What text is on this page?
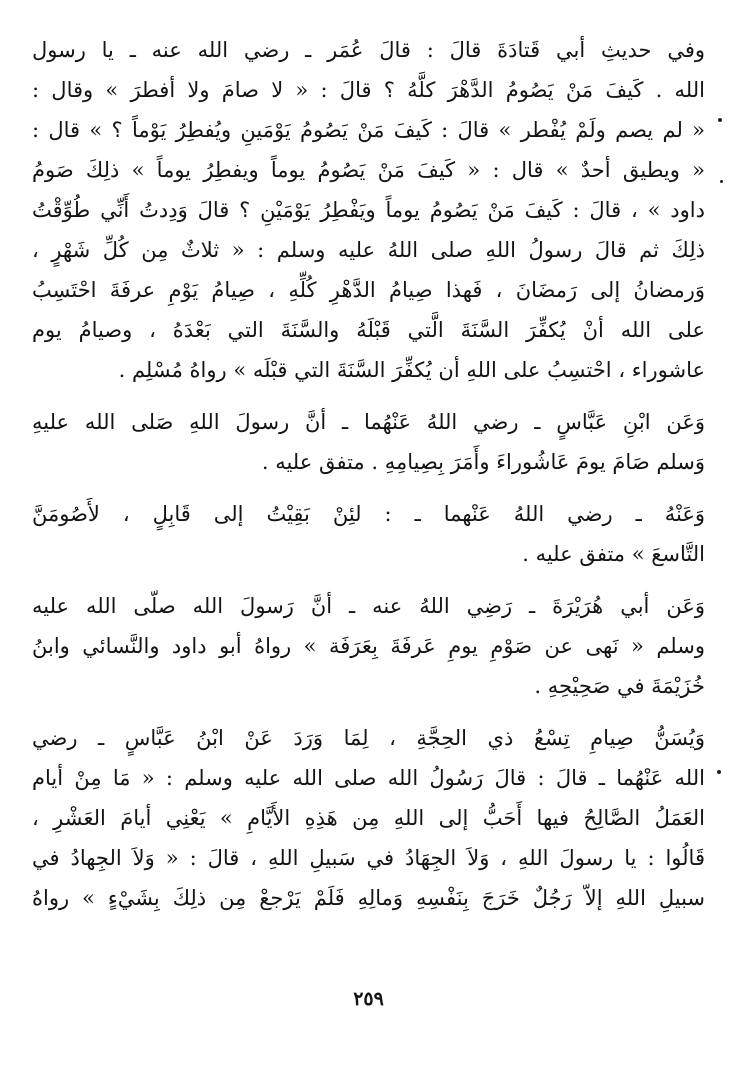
وفي حديثِ أبي قَتادَةَ قالَ : قالَ عُمَر ـ رضي الله عنه ـ يا رسول
الله . كَيفَ مَنْ يَصُومُ الدَّهْرَ كلَّهُ ؟ قالَ : « لا صامَ ولا أفطرَ » وقال :
« لم يصم ولَمْ يُفْطر » قالَ : كَيفَ مَنْ يَصُومُ يَوْمَينِ ويُفطِرُ يَوْماً ؟ » قال :
« ويطيق أحدٌ » قال : « كَيفَ مَنْ يَصُومُ يوماً ويفطِرُ يوماً » ذلِكَ صَومُ
داود » ، قالَ : كَيفَ مَنْ يَصُومُ يوماً ويَفْطِرُ يَوْمَيْنِ ؟ قالَ وَدِدتُ أَنِّي طُوِّقْتُ
ذلِكَ ثم قالَ رسولُ اللهِ صلى اللهُ عليه وسلم : « ثلاثٌ مِن كُلِّ شَهْرٍ ،
وَرمضانُ إلى رَمضَانَ ، فَهذا صِيامُ الدَّهْرِ كُلِّهِ ، صِيامُ يَوْمِ عرفَةَ احْتَسِبُ
على الله أنْ يُكفِّرَ السَّنَةَ الَّتي قَبْلَهُ والسَّنَةَ التي بَعْدَهُ ، وصيامُ يوم
عاشوراء ، احْتسِبُ على اللهِ أن يُكفِّرَ السَّنَةَ التي قبْلَه » رواهُ مُسْلِم .

وَعَن ابْنِ عَبَّاسٍ ـ رضي اللهُ عَنْهُما ـ أنَّ رسولَ اللهِ صَلى الله عليهِ
وَسلم صَامَ يومَ عَاشُوراءَ وأَمَرَ بِصِيامِهِ . متفق عليه .

وَعَنْهُ ـ رضي اللهُ عَنْهما ـ : لئِنْ بَقِيْتُ إلى قَابِلٍ ، لأَصُومَنَّ
التَّاسعَ » متفق عليه .

وَعَن أبي هُرَيْرَةَ ـ رَضِي اللهُ عنه ـ أنَّ رَسولَ الله صلّى الله عليه
وسلم « نَهى عن صَوْمِ يومِ عَرفَةَ بِعَرَفَة » رواهُ أبو داود والنَّسائي وابنُ
خُزَيْمَةَ في صَحِيْحِهِ .

وَيُسَنُّ صِيامِ تِسْعُ ذي الحِجَّةِ ، لِمَا وَرَدَ عَنْ ابْنُ عَبَّاسٍ ـ رضي
الله عَنْهُما ـ قالَ : قالَ رَسُولُ الله صلى الله عليه وسلم : « مَا مِنْ أيام
العَمَلُ الصَّالِحُ فيها أَحَبُّ إلى اللهِ مِن هَذِهِ الأَيَّامِ » يَعْنِي أيامَ العَشْرِ ،
قَالُوا : يا رسولَ اللهِ ، وَلاَ الجِهَادُ في سَبيلِ اللهِ ، قالَ : « وَلاَ الجِهادُ في
سبيلِ اللهِ إلاّ رَجُلٌ خَرَجَ بِنَفْسِهِ وَمالِهِ فَلَمْ يَرْجعْ مِن ذلِكَ بِشَيْءٍ » رواهُ

٢٥٩
